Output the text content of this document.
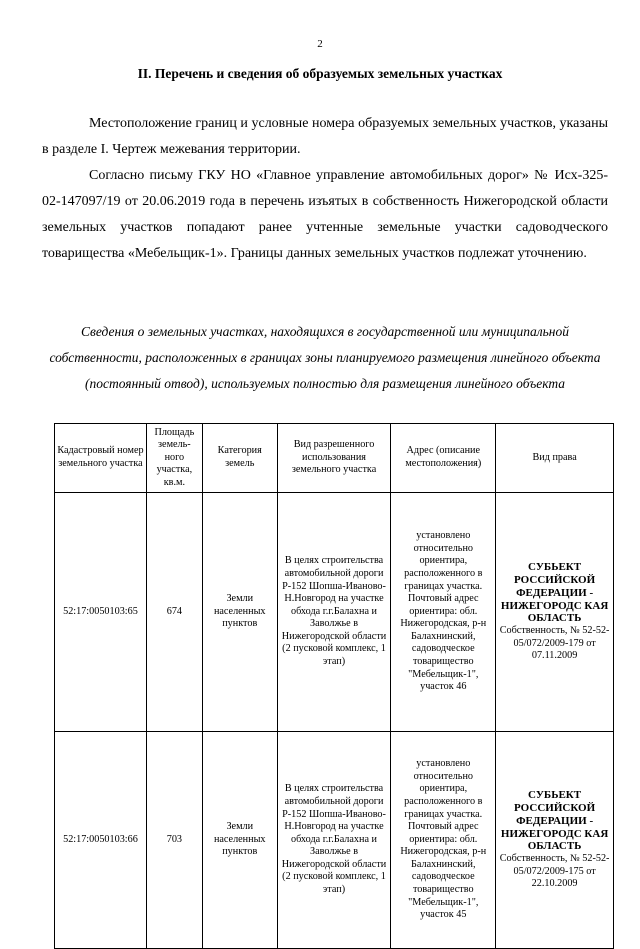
2
II. Перечень и сведения об образуемых земельных участках

Местоположение границ и условные номера образуемых земельных участков, указаны в разделе I. Чертеж межевания территории.

Согласно письму ГКУ НО «Главное управление автомобильных дорог» № Исх-325-02-147097/19 от 20.06.2019 года в перечень изъятых в собственность Нижегородской области земельных участков попадают ранее учтенные земельные участки садоводческого товарищества «Мебельщик-1». Границы данных земельных участков подлежат уточнению.

Сведения о земельных участках, находящихся в государственной или муниципальной собственности, расположенных в границах зоны планируемого размещения линейного объекта (постоянный отвод), используемых полностью для размещения линейного объекта
Кадастровый номер земельного участка	Площадь земель-ного участка, кв.м.	Категория земель	Вид разрешенного использования земельного участка	Адрес (описание местоположения)	Вид права
52:17:0050103:65	674	Земли населенных пунктов	В целях строительства автомобильной дороги Р-152 Шопша-Иваново-Н.Новгород на участке обхода г.г.Балахна и Заволжье в Нижегородской области (2 пусковой комплекс, 1 этап)	установлено относительно ориентира, расположенного в границах участка. Почтовый адрес ориентира: обл. Нижегородская, р-н Балахнинский, садоводческое товарищество "Мебельщик-1", участок 46	СУБЬЕКТ РОССИЙСКОЙ ФЕДЕРАЦИИ - НИЖЕГОРОДС КАЯ ОБЛАСТЬ
Собственность, № 52-52-05/072/2009-179 от 07.11.2009

52:17:0050103:66	703	Земли населенных пунктов	В целях строительства автомобильной дороги Р-152 Шопша-Иваново-Н.Новгород на участке обхода г.г.Балахна и Заволжье в Нижегородской области (2 пусковой комплекс, 1 этап)	установлено относительно ориентира, расположенного в границах участка. Почтовый адрес ориентира: обл. Нижегородская, р-н Балахнинский, садоводческое товарищество "Мебельщик-1", участок 45	СУБЬЕКТ РОССИЙСКОЙ ФЕДЕРАЦИИ - НИЖЕГОРОДС КАЯ ОБЛАСТЬ
Собственность, № 52-52-05/072/2009-175 от 22.10.2009
